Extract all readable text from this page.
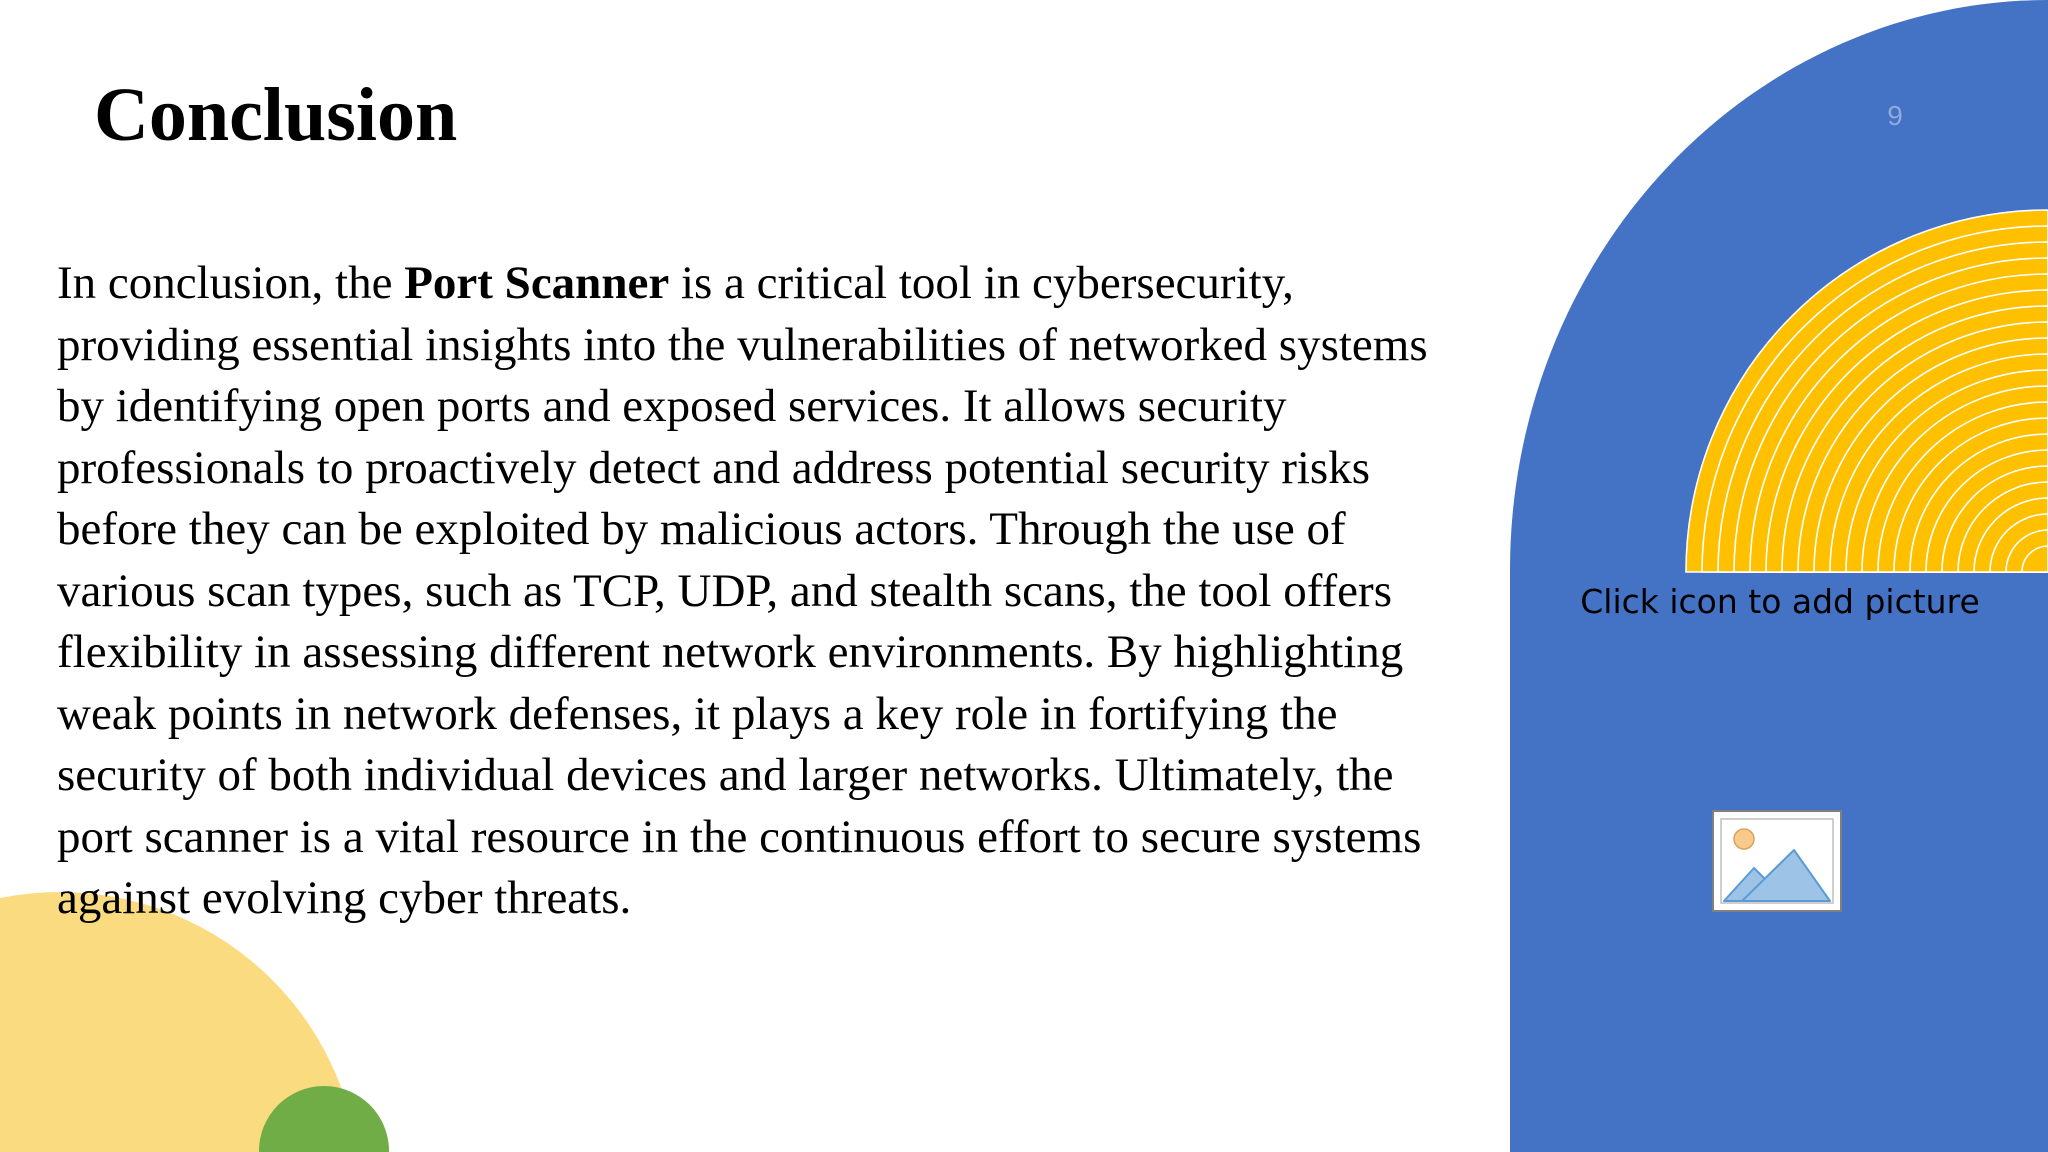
Conclusion	9

In conclusion, the Port Scanner is a critical tool in cybersecurity, providing essential insights into the vulnerabilities of networked systems by identifying open ports and exposed services. It allows security professionals to proactively detect and address potential security risks before they can be exploited by malicious actors. Through the use of various scan types, such as TCP, UDP, and stealth scans, the tool offers flexibility in assessing different network environments. By highlighting weak points in network defenses, it plays a key role in fortifying the security of both individual devices and larger networks. Ultimately, the port scanner is a vital resource in the continuous effort to secure systems against evolving cyber threats.

Click icon to add picture
